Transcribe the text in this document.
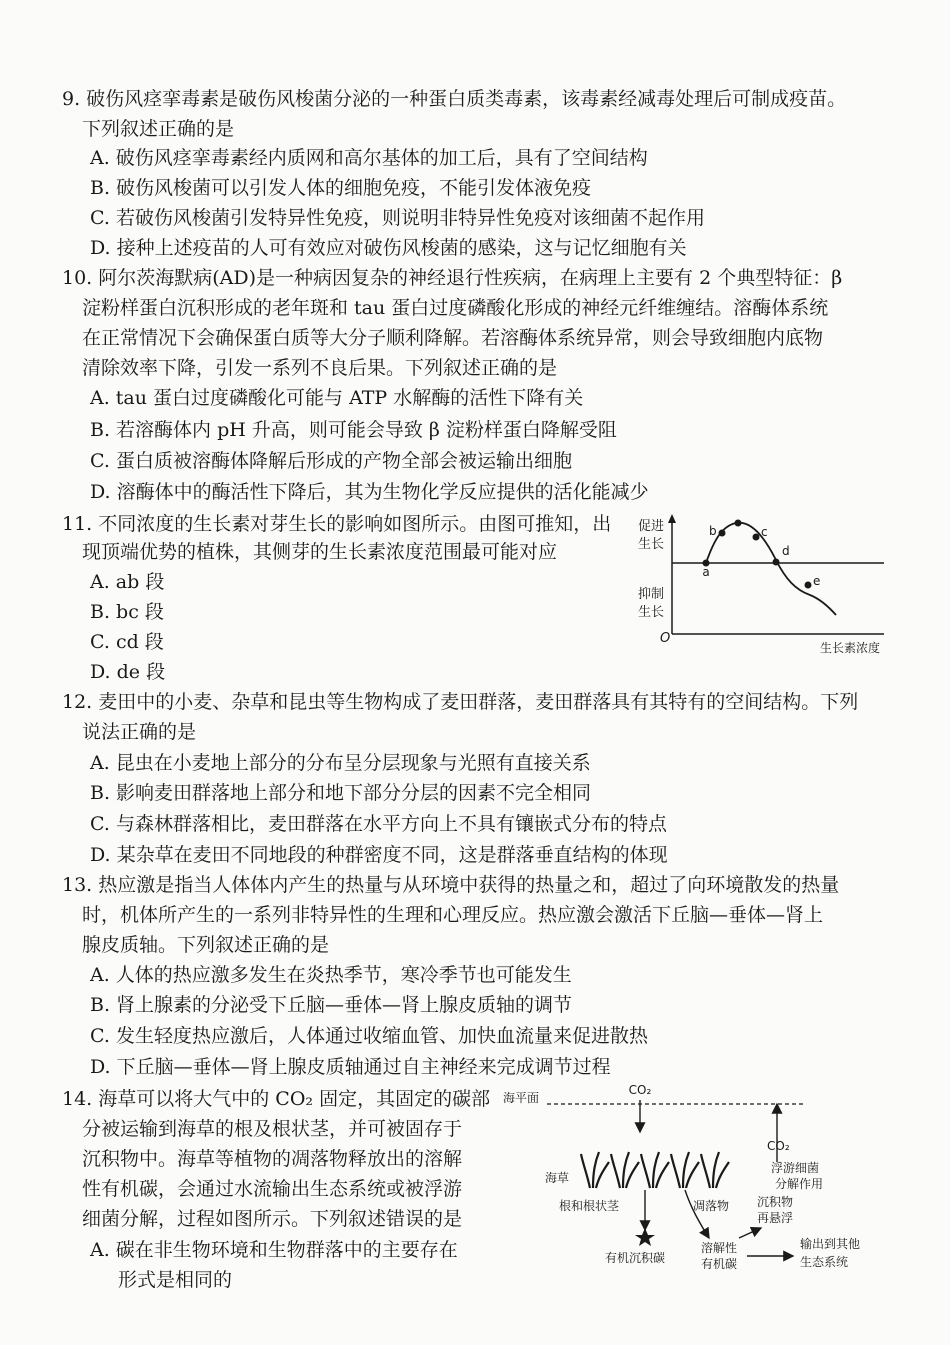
9. 破伤风痉挛毒素是破伤风梭菌分泌的一种蛋白质类毒素，该毒素经减毒处理后可制成疫苗。
下列叙述正确的是
A. 破伤风痉挛毒素经内质网和高尔基体的加工后，具有了空间结构
B. 破伤风梭菌可以引发人体的细胞免疫，不能引发体液免疫
C. 若破伤风梭菌引发特异性免疫，则说明非特异性免疫对该细菌不起作用
D. 接种上述疫苗的人可有效应对破伤风梭菌的感染，这与记忆细胞有关
10. 阿尔茨海默病(AD)是一种病因复杂的神经退行性疾病，在病理上主要有 2 个典型特征：β
淀粉样蛋白沉积形成的老年斑和 tau 蛋白过度磷酸化形成的神经元纤维缠结。溶酶体系统
在正常情况下会确保蛋白质等大分子顺利降解。若溶酶体系统异常，则会导致细胞内底物
清除效率下降，引发一系列不良后果。下列叙述正确的是
A. tau 蛋白过度磷酸化可能与 ATP 水解酶的活性下降有关
B. 若溶酶体内 pH 升高，则可能会导致 β 淀粉样蛋白降解受阻
C. 蛋白质被溶酶体降解后形成的产物全部会被运输出细胞
D. 溶酶体中的酶活性下降后，其为生物化学反应提供的活化能减少
11. 不同浓度的生长素对芽生长的影响如图所示。由图可推知，出
现顶端优势的植株，其侧芽的生长素浓度范围最可能对应
A. ab 段
B. bc 段
C. cd 段
D. de 段
a
b	c
d
e
促进
生长
抑制
生长
O
生长素浓度
12. 麦田中的小麦、杂草和昆虫等生物构成了麦田群落，麦田群落具有其特有的空间结构。下列
说法正确的是
A. 昆虫在小麦地上部分的分布呈分层现象与光照有直接关系
B. 影响麦田群落地上部分和地下部分分层的因素不完全相同
C. 与森林群落相比，麦田群落在水平方向上不具有镶嵌式分布的特点
D. 某杂草在麦田不同地段的种群密度不同，这是群落垂直结构的体现
13. 热应激是指当人体体内产生的热量与从环境中获得的热量之和，超过了向环境散发的热量
时，机体所产生的一系列非特异性的生理和心理反应。热应激会激活下丘脑—垂体—肾上
腺皮质轴。下列叙述正确的是
A. 人体的热应激多发生在炎热季节，寒冷季节也可能发生
B. 肾上腺素的分泌受下丘脑—垂体—肾上腺皮质轴的调节
C. 发生轻度热应激后，人体通过收缩血管、加快血流量来促进散热
D. 下丘脑—垂体—肾上腺皮质轴通过自主神经来完成调节过程
14. 海草可以将大气中的 CO₂ 固定，其固定的碳部
分被运输到海草的根及根状茎，并可被固存于
沉积物中。海草等植物的凋落物释放出的溶解
性有机碳，会通过水流输出生态系统或被浮游
细菌分解，过程如图所示。下列叙述错误的是
A. 碳在非生物环境和生物群落中的主要存在
形式是相同的
海平面
CO₂
CO₂
浮游细菌
分解作用
海草
根和根状茎	凋落物 沉积物
再悬浮
有机沉积碳
溶解性
有机碳
输出到其他
生态系统
